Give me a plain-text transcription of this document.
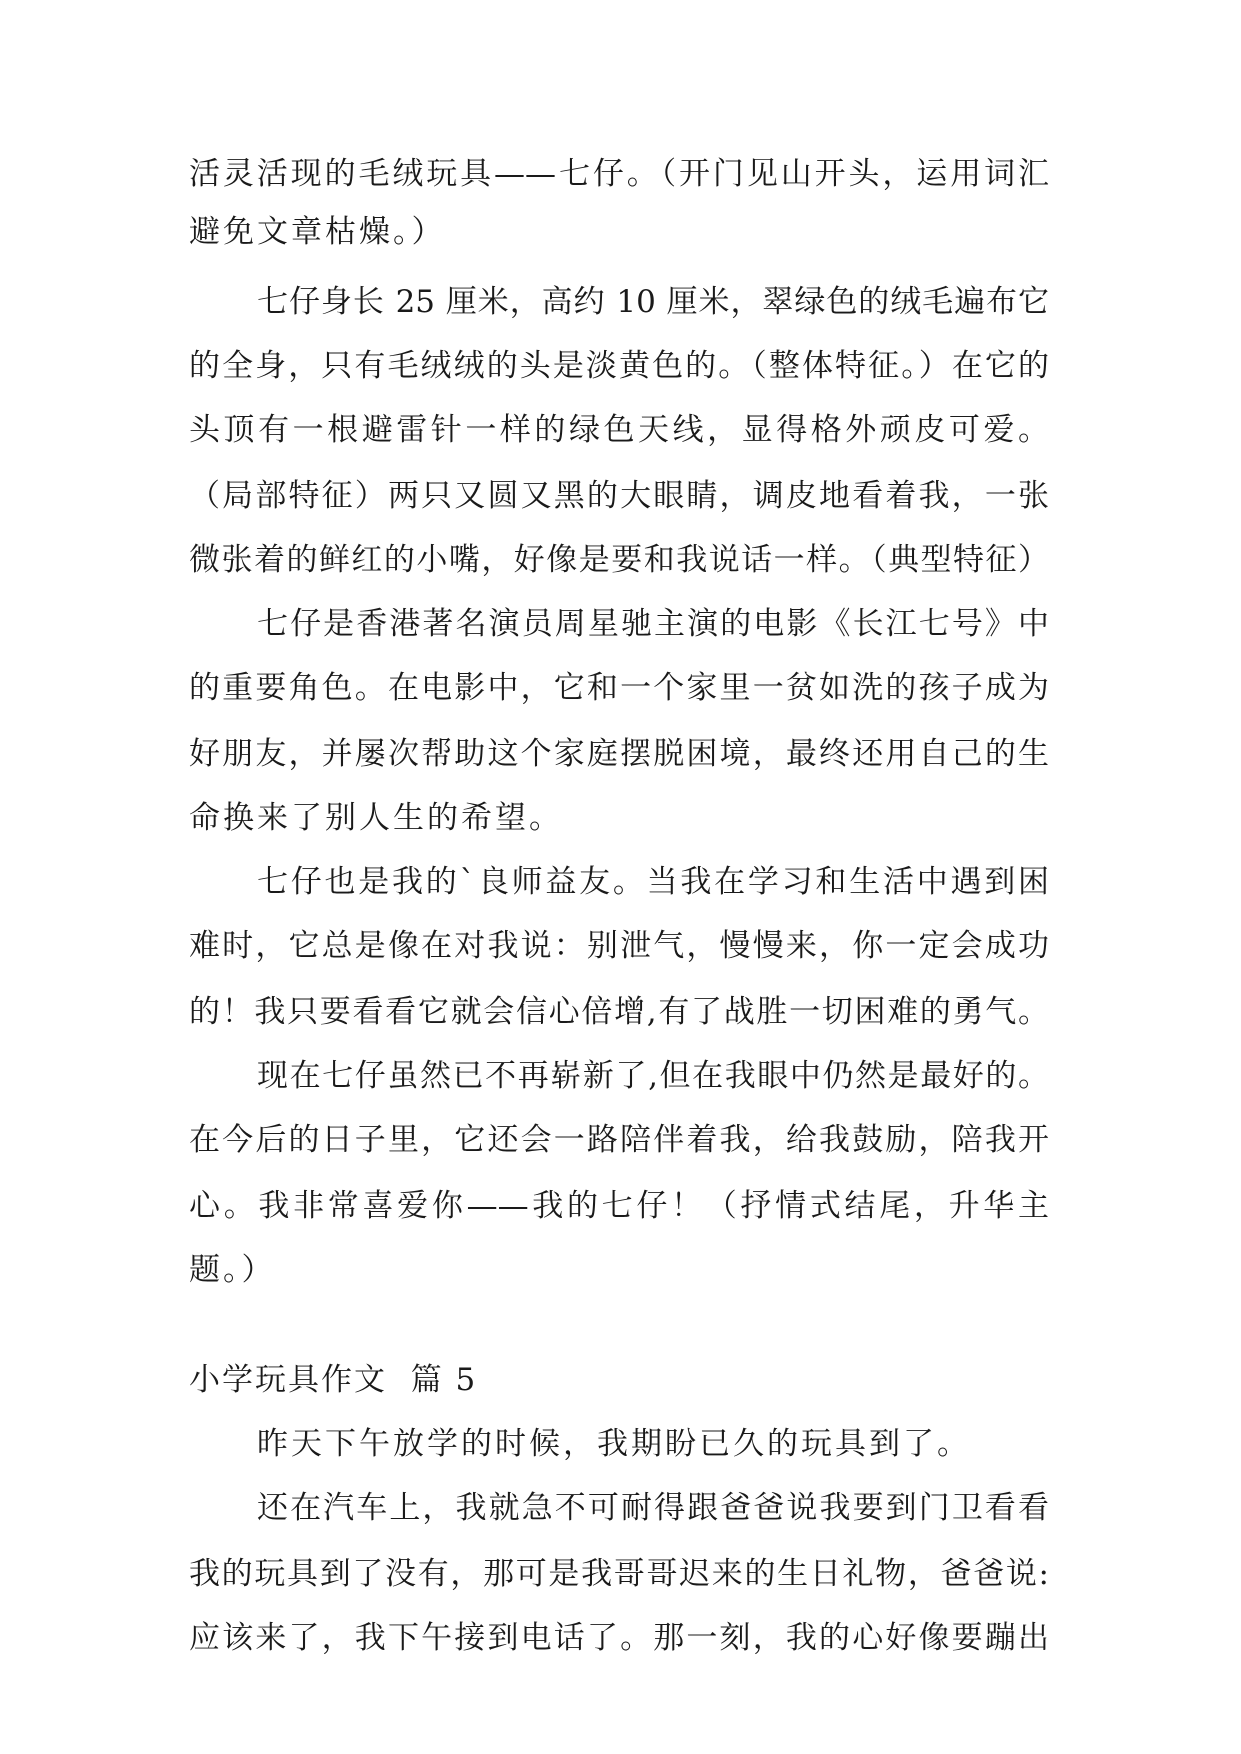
活灵活现的毛绒玩具——七仔。（开门见山开头，运用词汇
避免文章枯燥。）
七仔身长 25 厘米，高约 10 厘米，翠绿色的绒毛遍布它
的全身，只有毛绒绒的头是淡黄色的。（整体特征。）在它的
头顶有一根避雷针一样的绿色天线，显得格外顽皮可爱。
（局部特征）两只又圆又黑的大眼睛，调皮地看着我，一张
微张着的鲜红的小嘴，好像是要和我说话一样。（典型特征）
七仔是香港著名演员周星驰主演的电影《长江七号》中
的重要角色。在电影中，它和一个家里一贫如洗的孩子成为
好朋友，并屡次帮助这个家庭摆脱困境，最终还用自己的生
命换来了别人生的希望。
七仔也是我的`良师益友。当我在学习和生活中遇到困
难时，它总是像在对我说：别泄气，慢慢来，你一定会成功
的！我只要看看它就会信心倍增,有了战胜一切困难的勇气。
现在七仔虽然已不再崭新了,但在我眼中仍然是最好的。
在今后的日子里，它还会一路陪伴着我，给我鼓励，陪我开
心。我非常喜爱你——我的七仔！（抒情式结尾，升华主
题。）
小学玩具作文  篇 5
昨天下午放学的时候，我期盼已久的玩具到了。
还在汽车上，我就急不可耐得跟爸爸说我要到门卫看看
我的玩具到了没有，那可是我哥哥迟来的生日礼物，爸爸说:
应该来了，我下午接到电话了。那一刻，我的心好像要蹦出
